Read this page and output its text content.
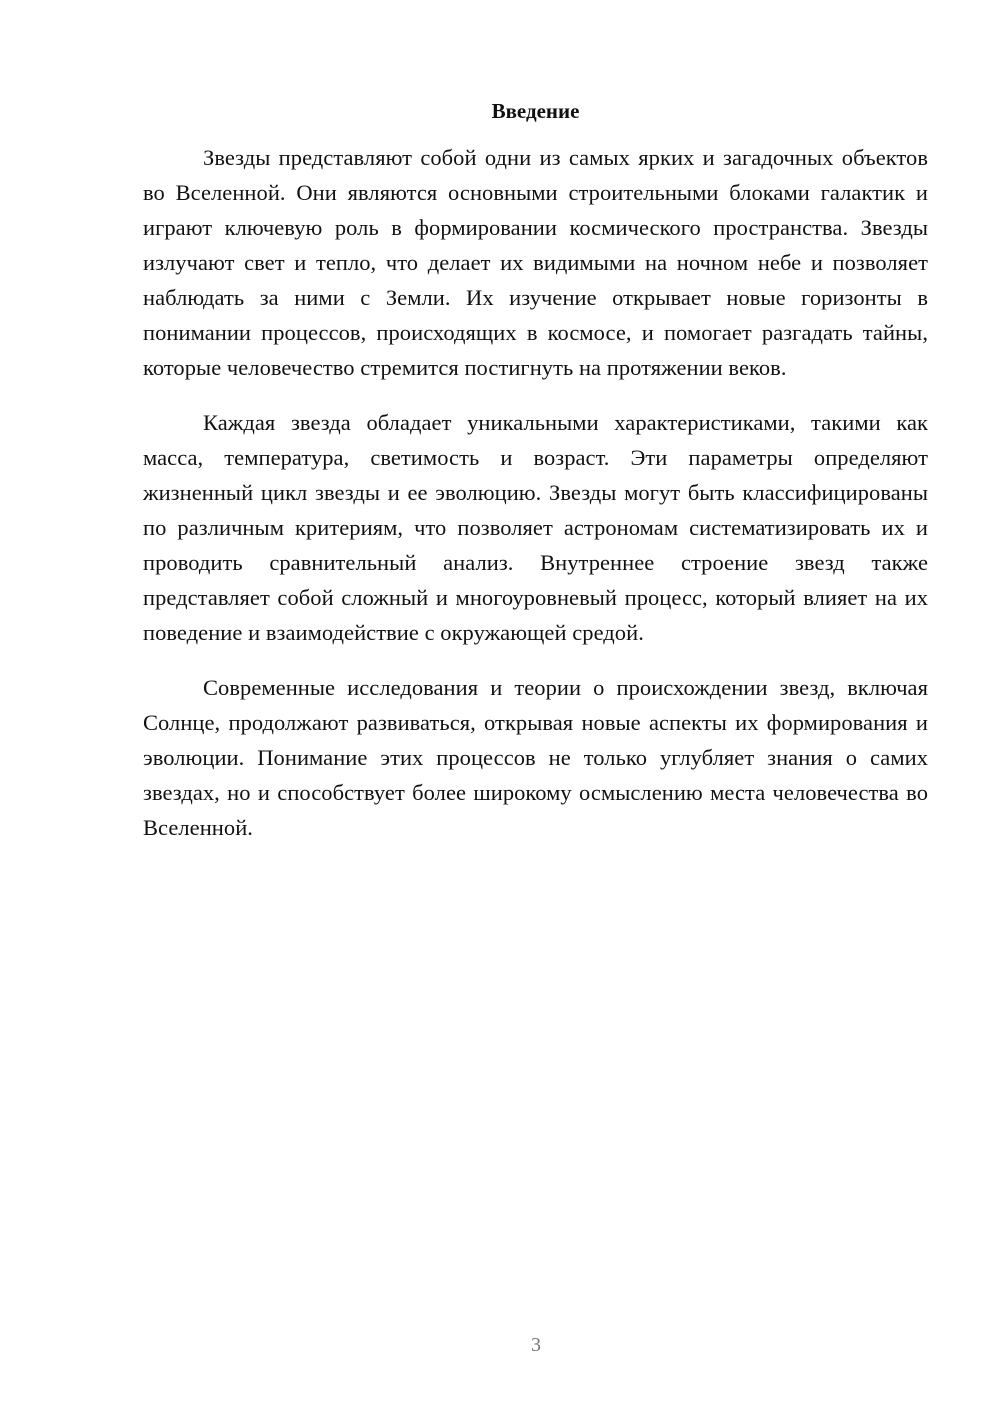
Введение

Звезды представляют собой одни из самых ярких и загадочных объектов во Вселенной. Они являются основными строительными блоками галактик и играют ключевую роль в формировании космического пространства. Звезды излучают свет и тепло, что делает их видимыми на ночном небе и позволяет наблюдать за ними с Земли. Их изучение открывает новые горизонты в понимании процессов, происходящих в космосе, и помогает разгадать тайны, которые человечество стремится постигнуть на протяжении веков.

Каждая звезда обладает уникальными характеристиками, такими как масса, температура, светимость и возраст. Эти параметры определяют жизненный цикл звезды и ее эволюцию. Звезды могут быть классифицированы по различным критериям, что позволяет астрономам систематизировать их и проводить сравнительный анализ. Внутреннее строение звезд также представляет собой сложный и многоуровневый процесс, который влияет на их поведение и взаимодействие с окружающей средой.

Современные исследования и теории о происхождении звезд, включая Солнце, продолжают развиваться, открывая новые аспекты их формирования и эволюции. Понимание этих процессов не только углубляет знания о самих звездах, но и способствует более широкому осмыслению места человечества во Вселенной.

3
